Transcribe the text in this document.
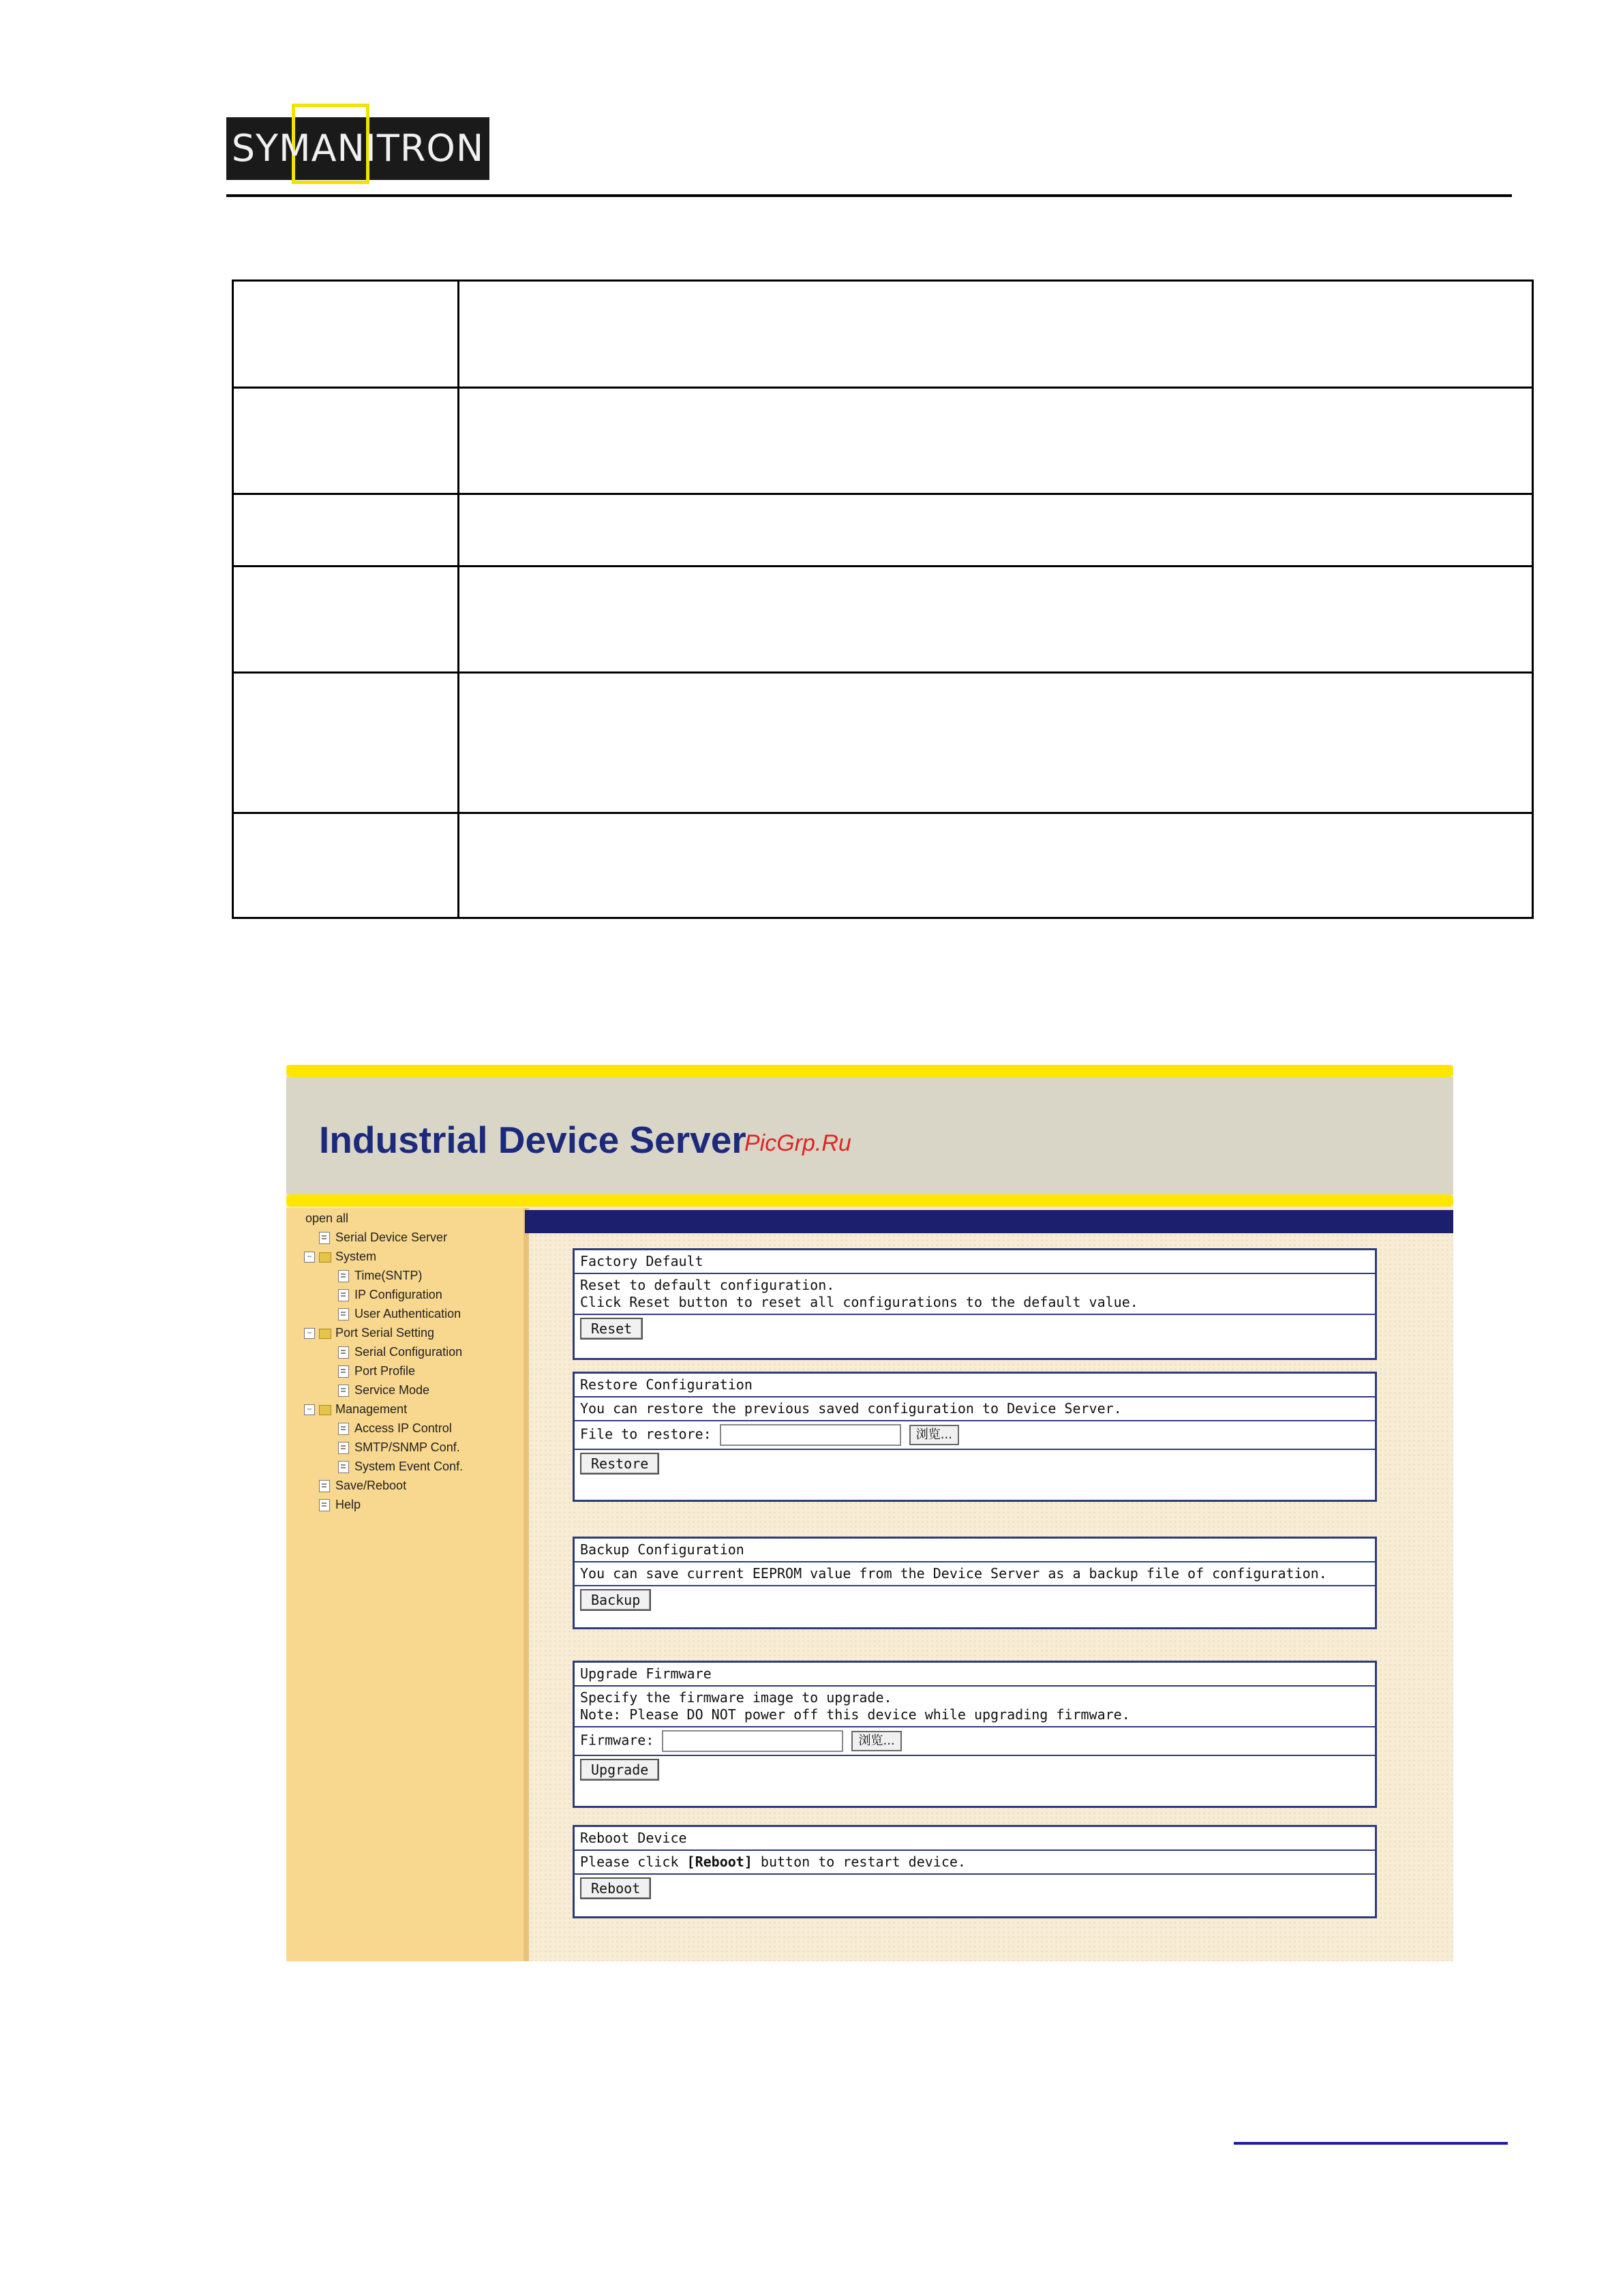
SYMANITRON
Industrial Device Server
PicGrp.Ru
open all
Serial Device Server
− System
Time(SNTP)
IP Configuration
User Authentication
− Port Serial Setting
Serial Configuration
Port Profile
Service Mode
− Management
Access IP Control
SMTP/SNMP Conf.
System Event Conf.
Save/Reboot
Help
Factory Default
Reset to default configuration.
Click Reset button to reset all configurations to the default value.
Reset
Restore Configuration
You can restore the previous saved configuration to Device Server.
File to restore:	浏览...
Restore
Backup Configuration
You can save current EEPROM value from the Device Server as a backup file of configuration.
Backup
Upgrade Firmware
Specify the firmware image to upgrade.
Note: Please DO NOT power off this device while upgrading firmware.
Firmware:	浏览...
Upgrade
Reboot Device
Please click [Reboot] button to restart device.
Reboot
